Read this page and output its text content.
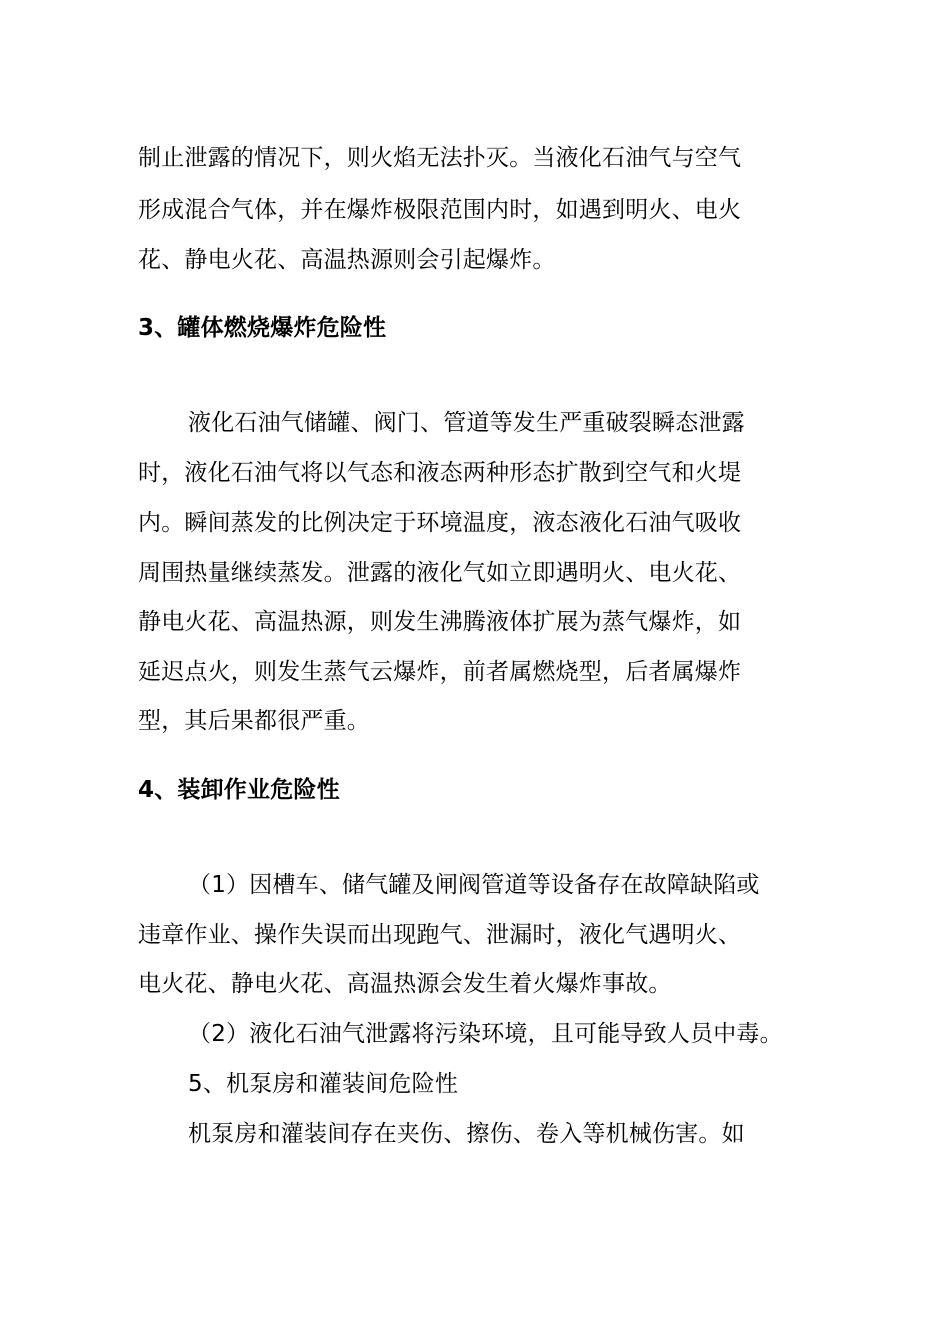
制止泄露的情况下，则火焰无法扑灭。当液化石油气与空气
形成混合气体，并在爆炸极限范围内时，如遇到明火、电火
花、静电火花、高温热源则会引起爆炸。
3、罐体燃烧爆炸危险性
液化石油气储罐、阀门、管道等发生严重破裂瞬态泄露
时，液化石油气将以气态和液态两种形态扩散到空气和火堤
内。瞬间蒸发的比例决定于环境温度，液态液化石油气吸收
周围热量继续蒸发。泄露的液化气如立即遇明火、电火花、
静电火花、高温热源，则发生沸腾液体扩展为蒸气爆炸，如
延迟点火，则发生蒸气云爆炸，前者属燃烧型，后者属爆炸
型，其后果都很严重。
4、装卸作业危险性
（1）因槽车、储气罐及闸阀管道等设备存在故障缺陷或
违章作业、操作失误而出现跑气、泄漏时，液化气遇明火、
电火花、静电火花、高温热源会发生着火爆炸事故。
（2）液化石油气泄露将污染环境，且可能导致人员中毒。
5、机泵房和灌装间危险性
机泵房和灌装间存在夹伤、擦伤、卷入等机械伤害。如
